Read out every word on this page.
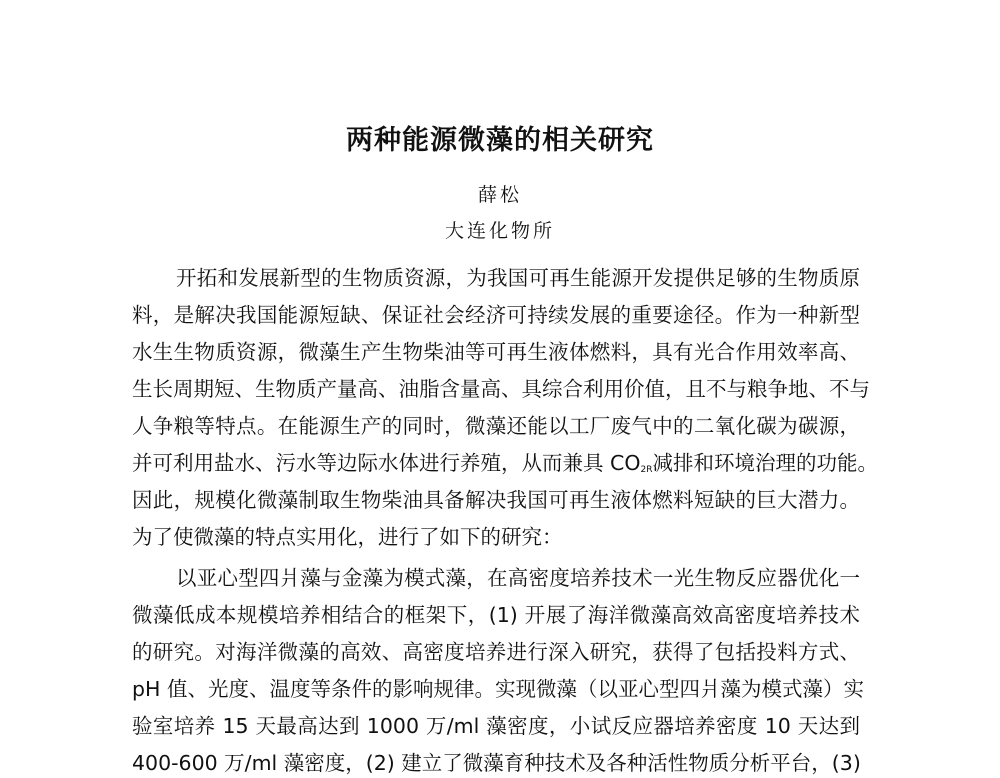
两种能源微藻的相关研究
薛松
大连化物所
开拓和发展新型的生物质资源，为我国可再生能源开发提供足够的生物质原
料，是解决我国能源短缺、保证社会经济可持续发展的重要途径。作为一种新型
水生生物质资源，微藻生产生物柴油等可再生液体燃料，具有光合作用效率高、
生长周期短、生物质产量高、油脂含量高、具综合利用价值，且不与粮争地、不与
人争粮等特点。在能源生产的同时，微藻还能以工厂废气中的二氧化碳为碳源，
并可利用盐水、污水等边际水体进行养殖，从而兼具 $CO_{2R}$减排和环境治理的功能。
因此，规模化微藻制取生物柴油具备解决我国可再生液体燃料短缺的巨大潜力。
为了使微藻的特点实用化，进行了如下的研究：
以亚心型四爿藻与金藻为模式藻，在高密度培养技术一光生物反应器优化一
微藻低成本规模培养相结合的框架下，(1) 开展了海洋微藻高效高密度培养技术
的研究。对海洋微藻的高效、高密度培养进行深入研究，获得了包括投料方式、
pH 值、光度、温度等条件的影响规律。实现微藻（以亚心型四爿藻为模式藻）实
验室培养 15 天最高达到 1000 万/ml 藻密度，小试反应器培养密度 10 天达到
400-600 万/ml 藻密度，(2) 建立了微藻育种技术及各种活性物质分析平台，(3)
